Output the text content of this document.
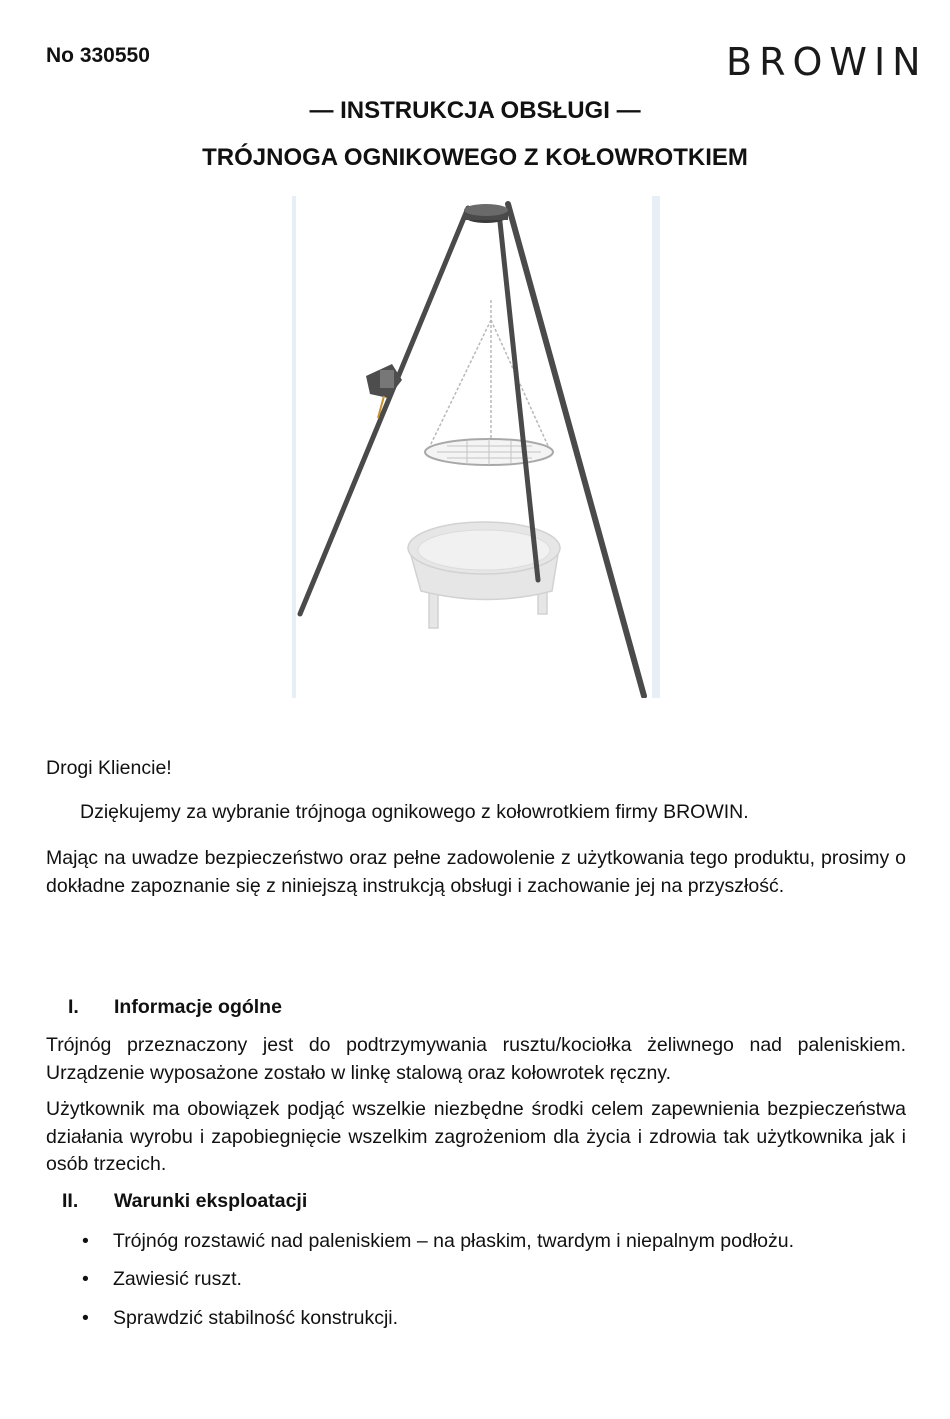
No 330550	BROWIN
— INSTRUKCJA OBSŁUGI —
TRÓJNOGA OGNIKOWEGO Z KOŁOWROTKIEM
Drogi Kliencie!
Dziękujemy za wybranie trójnoga ognikowego z kołowrotkiem firmy BROWIN.
Mając na uwadze bezpieczeństwo oraz pełne zadowolenie z użytkowania tego produktu, prosimy o dokładne zapoznanie się z niniejszą instrukcją obsługi i zachowanie jej na przyszłość.
I. Informacje ogólne
Trójnóg przeznaczony jest do podtrzymywania rusztu/kociołka żeliwnego nad paleniskiem. Urządzenie wyposażone zostało w linkę stalową oraz kołowrotek ręczny.
Użytkownik ma obowiązek podjąć wszelkie niezbędne środki celem zapewnienia bezpieczeństwa działania wyrobu i zapobiegnięcie wszelkim zagrożeniom dla życia i zdrowia tak użytkownika jak i osób trzecich.
II. Warunki eksploatacji
• Trójnóg rozstawić nad paleniskiem – na płaskim, twardym i niepalnym podłożu.
• Zawiesić ruszt.
• Sprawdzić stabilność konstrukcji.
